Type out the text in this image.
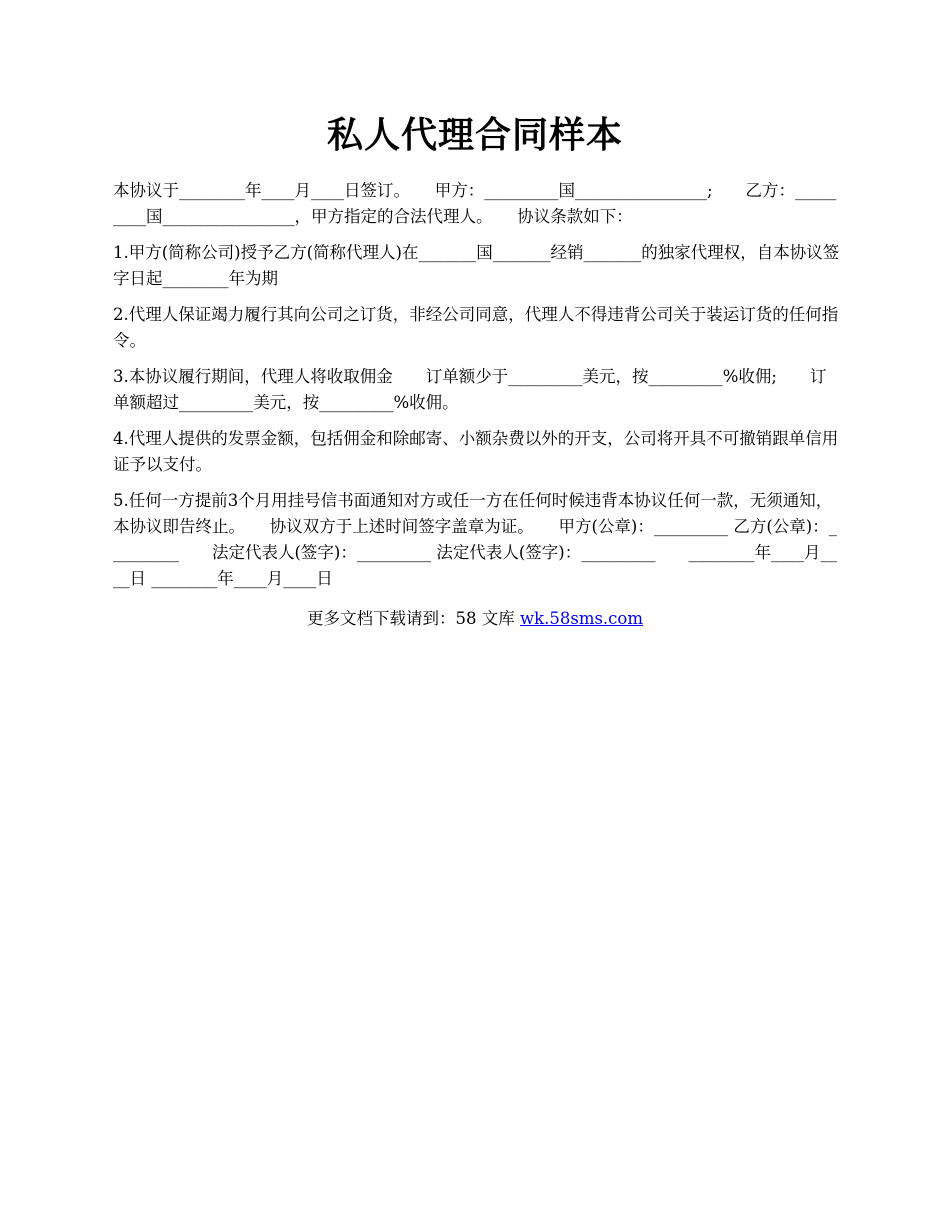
私人代理合同样本

本协议于________年____月____日签订。　　甲方：_________国________________;　　乙方：_________国________________，甲方指定的合法代理人。　　协议条款如下：

1.甲方(简称公司)授予乙方(简称代理人)在_______国_______经销_______的独家代理权，自本协议签字日起________年为期

2.代理人保证竭力履行其向公司之订货，非经公司同意，代理人不得违背公司关于装运订货的任何指令。

3.本协议履行期间，代理人将收取佣金　　订单额少于_________美元，按_________%收佣;　　订单额超过_________美元，按_________%收佣。

4.代理人提供的发票金额，包括佣金和除邮寄、小额杂费以外的开支，公司将开具不可撤销跟单信用证予以支付。

5.任何一方提前3个月用挂号信书面通知对方或任一方在任何时候违背本协议任何一款，无须通知，本协议即告终止。　　协议双方于上述时间签字盖章为证。　　甲方(公章)：_________ 乙方(公章)：_________　　法定代表人(签字)：_________ 法定代表人(签字)：_________　　________年____月____日 ________年____月____日

更多文档下载请到：58 文库 wk.58sms.com
